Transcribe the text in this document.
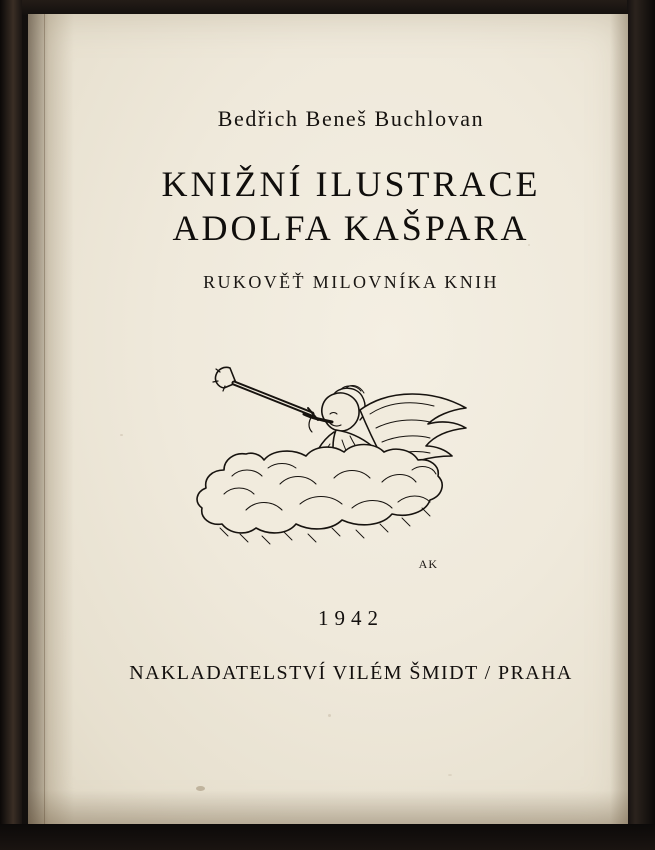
Bedřich Beneš Buchlovan
KNIŽNÍ ILUSTRACE
ADOLFA KAŠPARA
RUKOVĚŤ MILOVNÍKA KNIH
AK
1942
NAKLADATELSTVÍ VILÉM ŠMIDT / PRAHA
